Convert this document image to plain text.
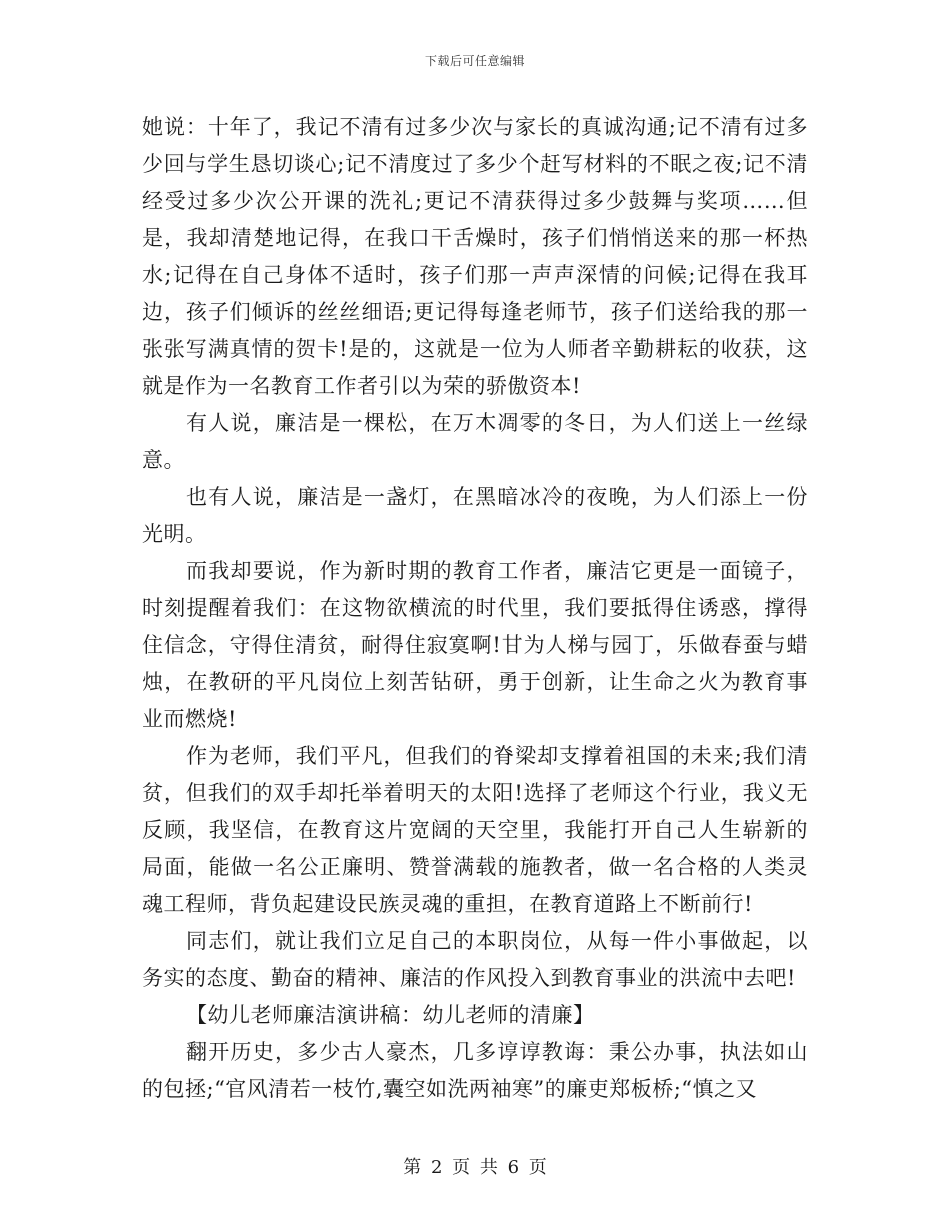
下载后可任意编辑

她说：十年了，我记不清有过多少次与家长的真诚沟通;记不清有过多少回与学生恳切谈心;记不清度过了多少个赶写材料的不眠之夜;记不清经受过多少次公开课的洗礼;更记不清获得过多少鼓舞与奖项……但是，我却清楚地记得，在我口干舌燥时，孩子们悄悄送来的那一杯热水;记得在自己身体不适时，孩子们那一声声深情的问候;记得在我耳边，孩子们倾诉的丝丝细语;更记得每逢老师节，孩子们送给我的那一张张写满真情的贺卡!是的，这就是一位为人师者辛勤耕耘的收获，这就是作为一名教育工作者引以为荣的骄傲资本!

有人说，廉洁是一棵松，在万木凋零的冬日，为人们送上一丝绿意。

也有人说，廉洁是一盏灯，在黑暗冰冷的夜晚，为人们添上一份光明。

而我却要说，作为新时期的教育工作者，廉洁它更是一面镜子，时刻提醒着我们：在这物欲横流的时代里，我们要抵得住诱惑，撑得住信念，守得住清贫，耐得住寂寞啊!甘为人梯与园丁，乐做春蚕与蜡烛，在教研的平凡岗位上刻苦钻研，勇于创新，让生命之火为教育事业而燃烧!

作为老师，我们平凡，但我们的脊梁却支撑着祖国的未来;我们清贫，但我们的双手却托举着明天的太阳!选择了老师这个行业，我义无反顾，我坚信，在教育这片宽阔的天空里，我能打开自己人生崭新的局面，能做一名公正廉明、赞誉满载的施教者，做一名合格的人类灵魂工程师，背负起建设民族灵魂的重担，在教育道路上不断前行!

同志们，就让我们立足自己的本职岗位，从每一件小事做起，以务实的态度、勤奋的精神、廉洁的作风投入到教育事业的洪流中去吧!

【幼儿老师廉洁演讲稿：幼儿老师的清廉】

翻开历史，多少古人豪杰，几多谆谆教诲：秉公办事，执法如山的包拯;“官风清若一枝竹,囊空如洗两袖寒”的廉吏郑板桥;“慎之又

第 2 页 共 6 页
